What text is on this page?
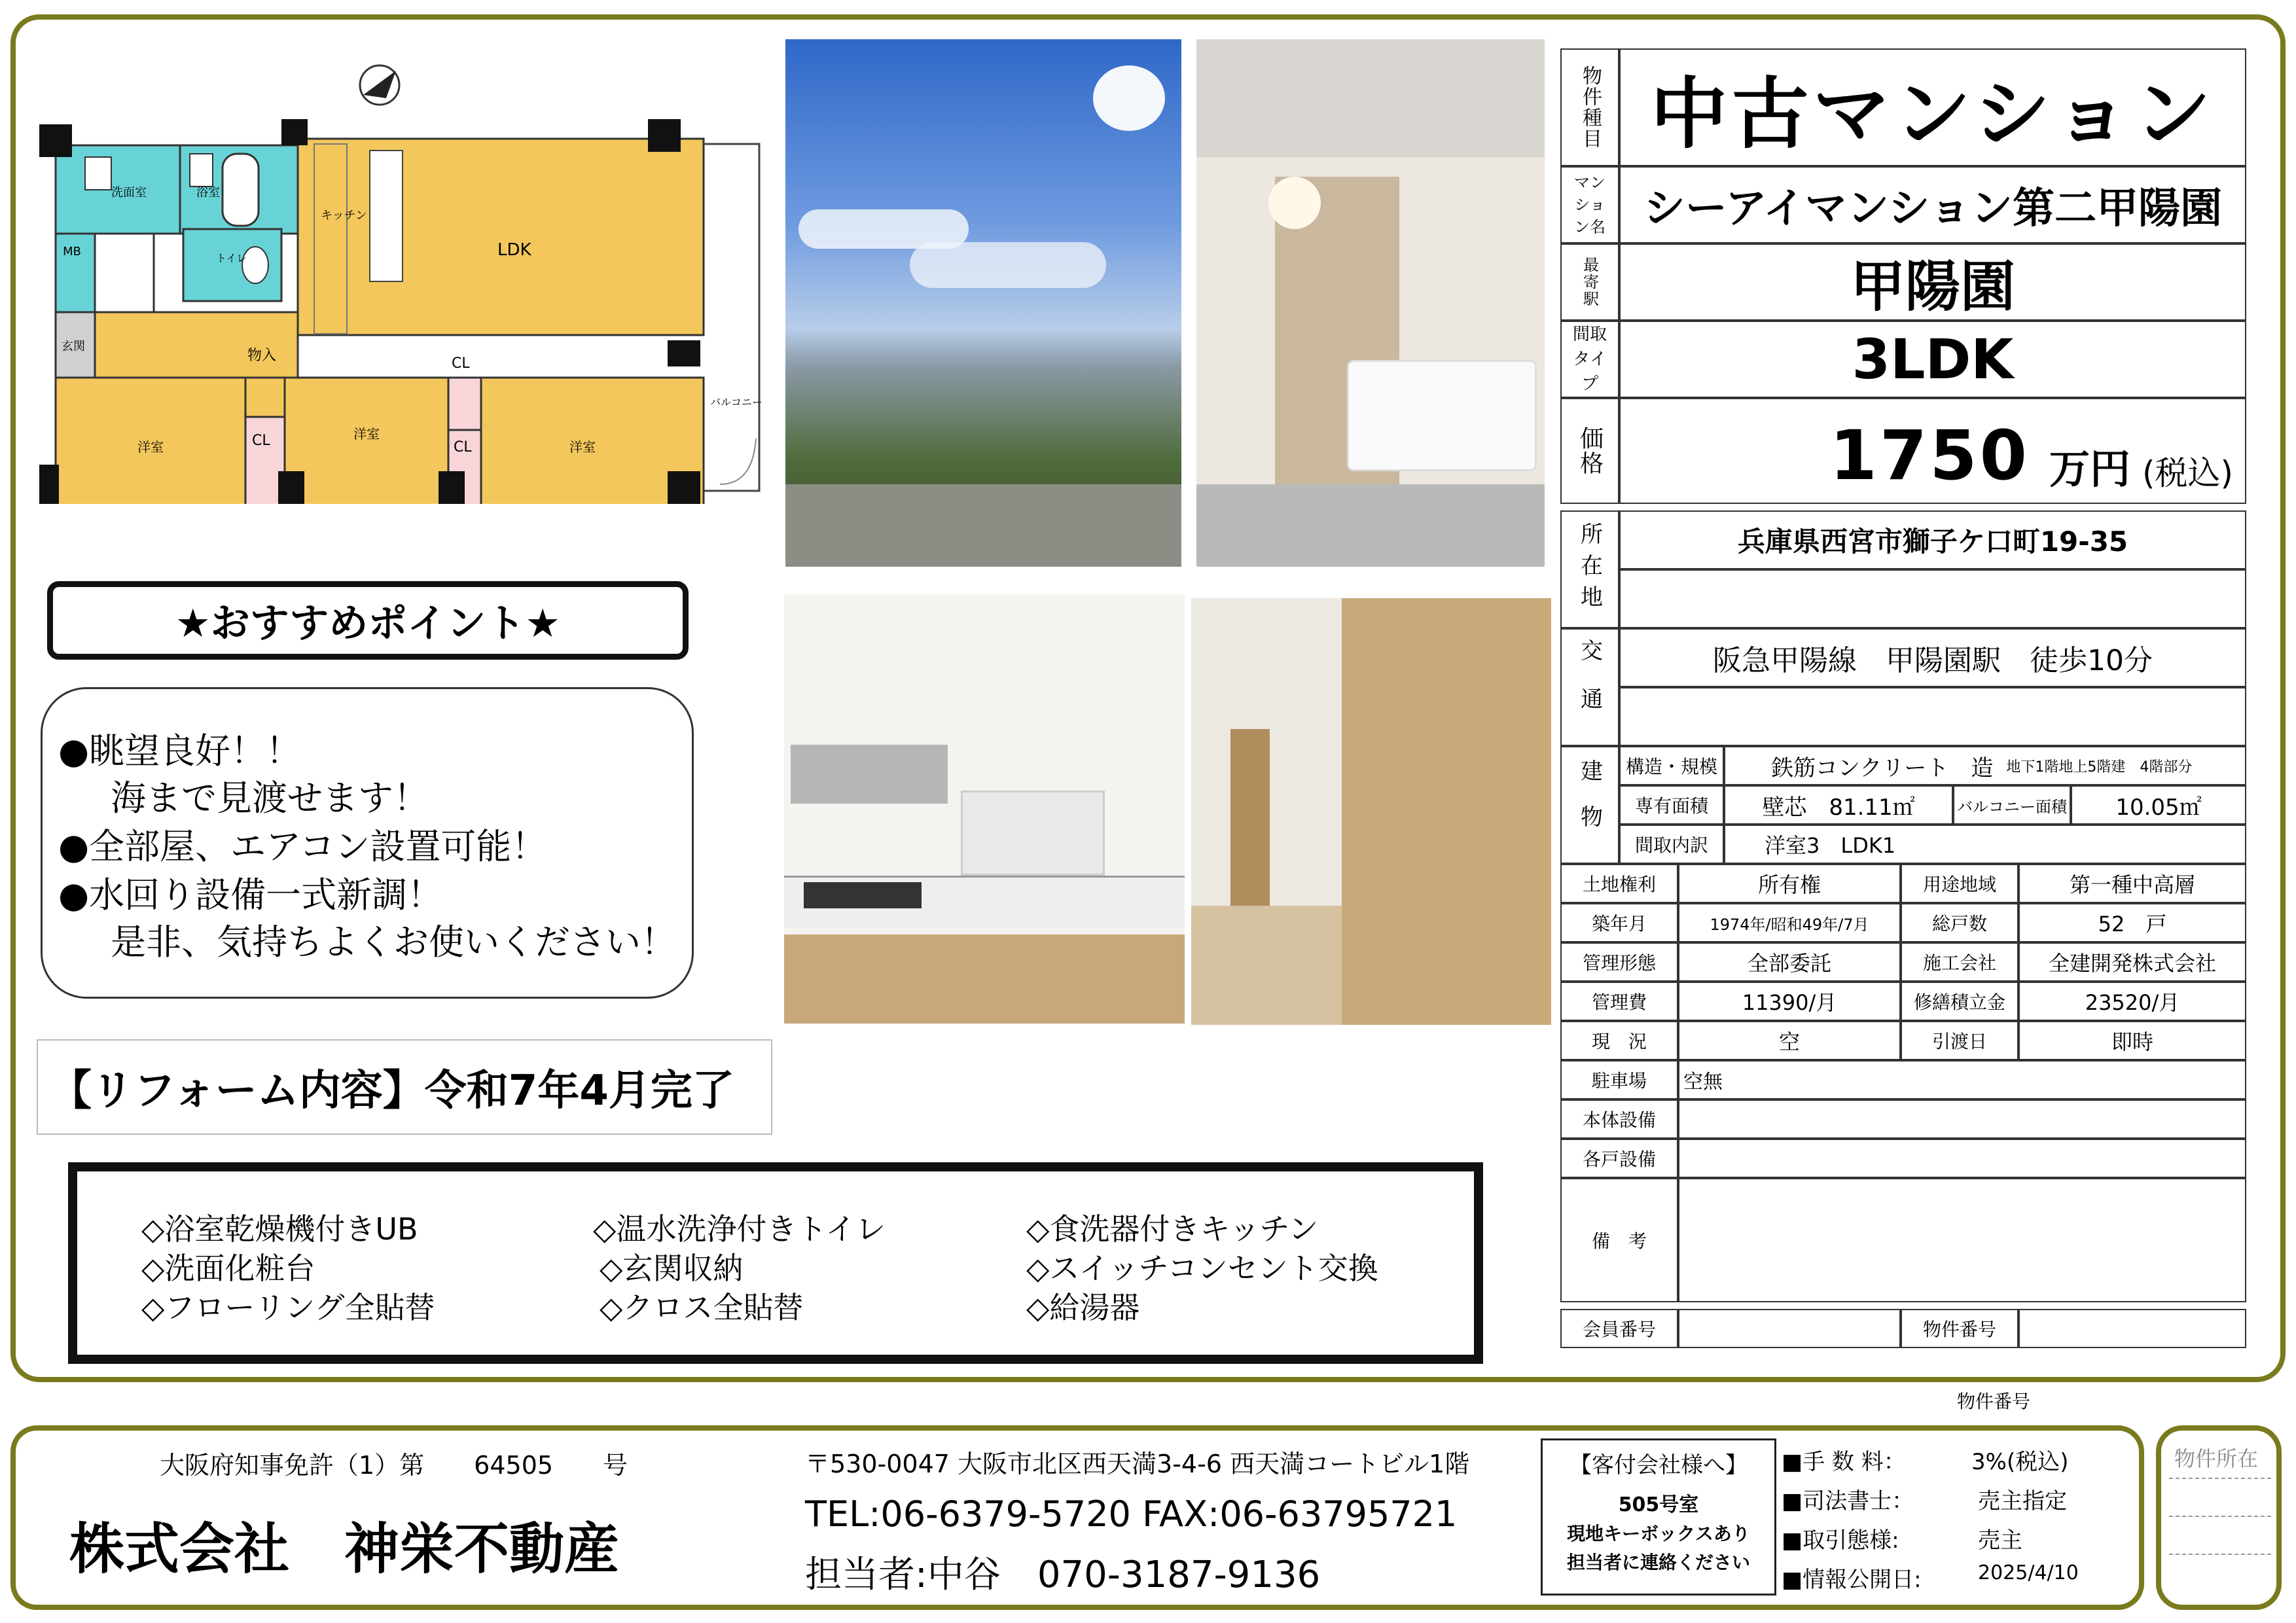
洗面室	浴室
キッチン
LDK
MB	トイレ
玄関
物入
洋室
洋室
洋室
CL
CL
CL
バルコニー
★おすすめポイント★
●眺望良好！！
海まで見渡せます！
●全部屋、エアコン設置可能！
●水回り設備一式新調！
是非、気持ちよくお使いください！
【リフォーム内容】令和7年4月完了
◇浴室乾燥機付きUB	◇温水洗浄付きトイレ	◇食洗器付きキッチン
◇洗面化粧台	◇玄関収納	◇スイッチコンセント交換
◇フローリング全貼替	◇クロス全貼替	◇給湯器
物件種目 中古マンション
マンション名 シーアイマンション第二甲陽園
最寄駅	甲陽園
間取タイプ	3LDK
価格	1750 万円 (税込)
所在地	兵庫県西宮市獅子ケ口町19-35
交通	阪急甲陽線　甲陽園駅　徒歩10分
建物 構造・規模 鉄筋コンクリート　造 地下1階地上5階建　4階部分
専有面積 壁芯　81.11㎡	バルコニー面積 10.05㎡
間取内訳	洋室3　LDK1
土地権利	所有権	用途地域	第一種中高層
築年月	1974年/昭和49年/7月	総戸数	52　戸
管理形態	全部委託	施工会社 全建開発株式会社
管理費	11390/月	修繕積立金	23520/月
現　況	空	引渡日	即時
駐車場 空無
本体設備
各戸設備
備　考
会員番号	物件番号
物件番号
物件所在
大阪府知事免許（1）第　　64505　　号
株式会社　神栄不動産
〒530-0047 大阪市北区西天満3-4-6 西天満コートビル1階
TEL:06-6379-5720 FAX:06-63795721
担当者:中谷　070-3187-9136
【客付会社様へ】
505号室
現地キーボックスあり
担当者に連絡ください
■手 数 料：	3%(税込)
■司法書士：	売主指定
■取引態様:	売主
■情報公開日:	2025/4/10
